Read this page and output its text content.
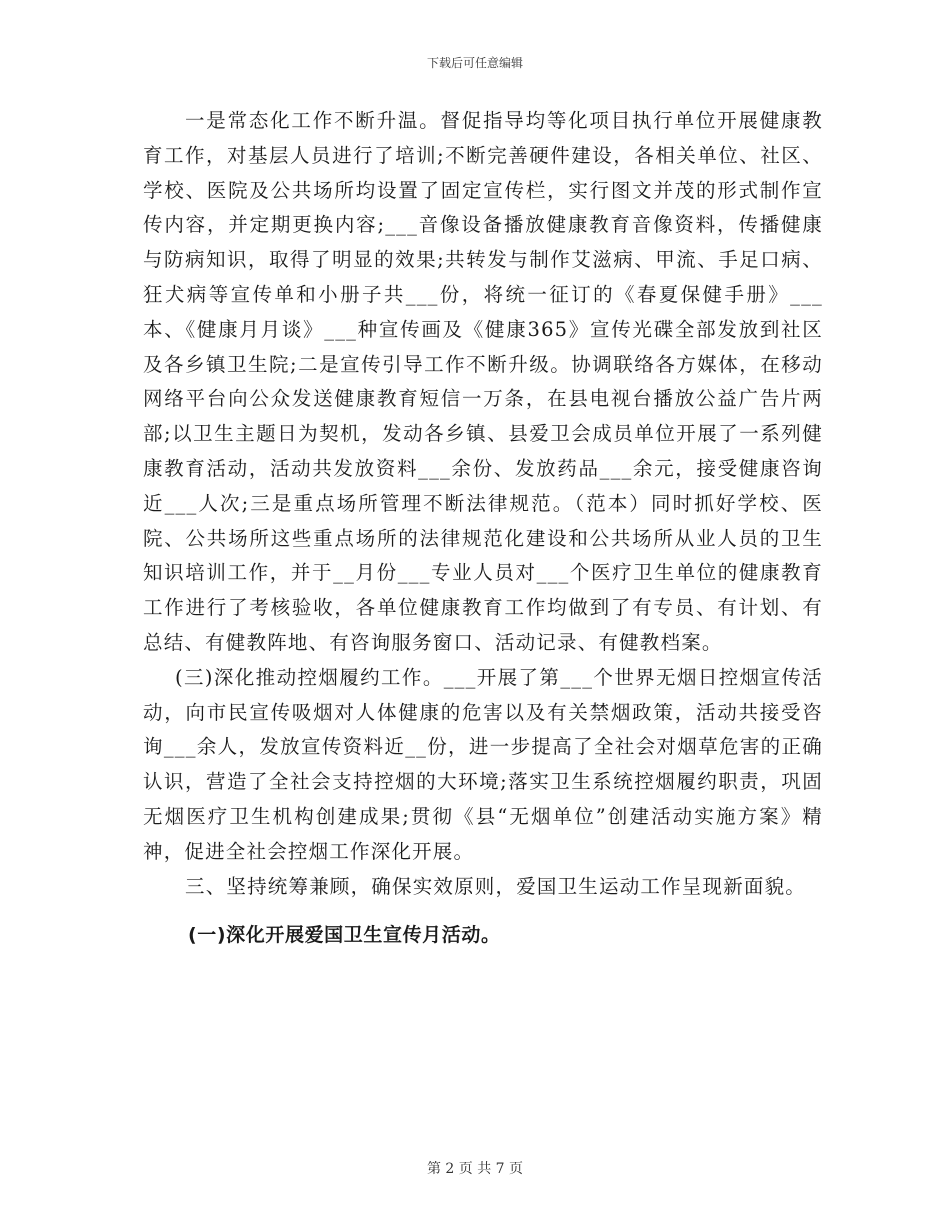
下载后可任意编辑

一是常态化工作不断升温。督促指导均等化项目执行单位开展健康教育工作，对基层人员进行了培训;不断完善硬件建设，各相关单位、社区、学校、医院及公共场所均设置了固定宣传栏，实行图文并茂的形式制作宣传内容，并定期更换内容;___音像设备播放健康教育音像资料，传播健康与防病知识，取得了明显的效果;共转发与制作艾滋病、甲流、手足口病、狂犬病等宣传单和小册子共___份，将统一征订的《春夏保健手册》___本、《健康月月谈》___种宣传画及《健康365》宣传光碟全部发放到社区及各乡镇卫生院;二是宣传引导工作不断升级。协调联络各方媒体，在移动网络平台向公众发送健康教育短信一万条，在县电视台播放公益广告片两部;以卫生主题日为契机，发动各乡镇、县爱卫会成员单位开展了一系列健康教育活动，活动共发放资料___余份、发放药品___余元，接受健康咨询近___人次;三是重点场所管理不断法律规范。（范本）同时抓好学校、医院、公共场所这些重点场所的法律规范化建设和公共场所从业人员的卫生知识培训工作，并于__月份___专业人员对___个医疗卫生单位的健康教育工作进行了考核验收，各单位健康教育工作均做到了有专员、有计划、有总结、有健教阵地、有咨询服务窗口、活动记录、有健教档案。

(三)深化推动控烟履约工作。___开展了第___个世界无烟日控烟宣传活动，向市民宣传吸烟对人体健康的危害以及有关禁烟政策，活动共接受咨询___余人，发放宣传资料近__份，进一步提高了全社会对烟草危害的正确认识，营造了全社会支持控烟的大环境;落实卫生系统控烟履约职责，巩固无烟医疗卫生机构创建成果;贯彻《县“无烟单位”创建活动实施方案》精神，促进全社会控烟工作深化开展。

三、坚持统筹兼顾，确保实效原则，爱国卫生运动工作呈现新面貌。

(一)深化开展爱国卫生宣传月活动。

第 2 页 共 7 页
